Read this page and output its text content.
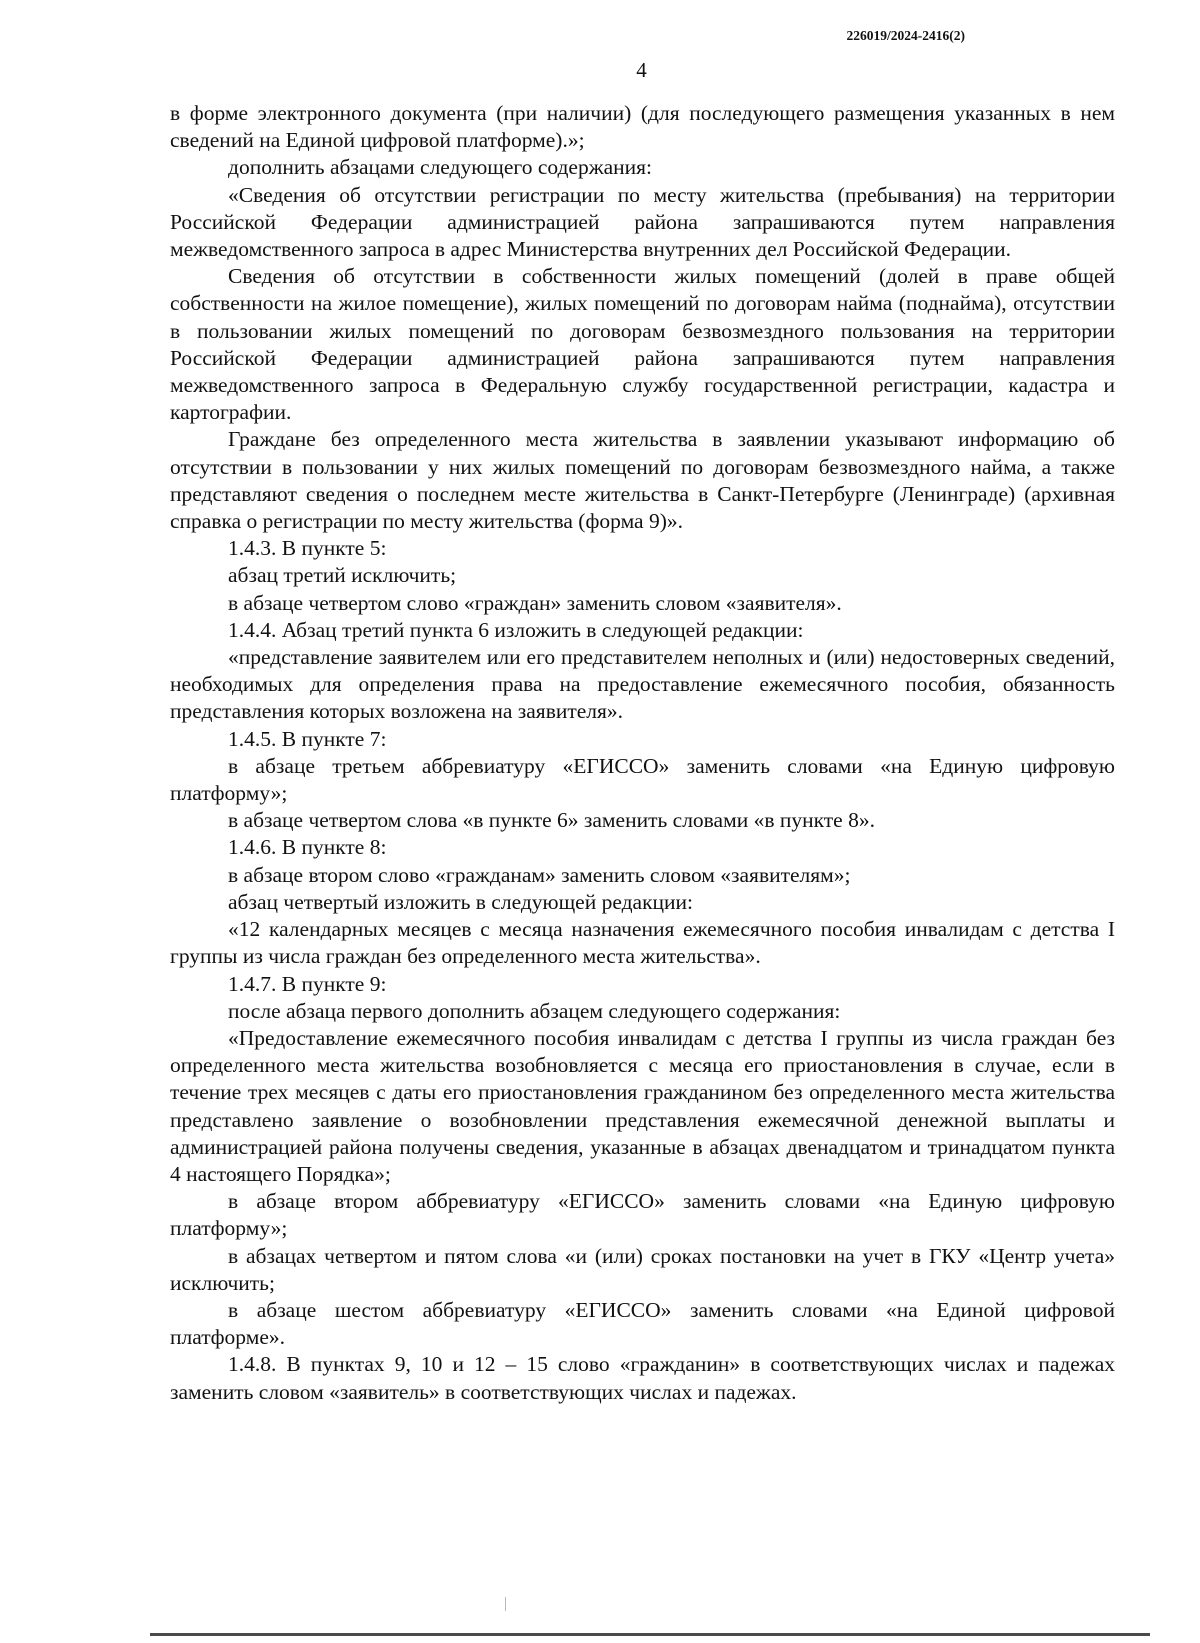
226019/2024-2416(2)
4

в форме электронного документа (при наличии) (для последующего размещения указанных в нем сведений на Единой цифровой платформе).»;

дополнить абзацами следующего содержания:

«Сведения об отсутствии регистрации по месту жительства (пребывания) на территории Российской Федерации администрацией района запрашиваются путем направления межведомственного запроса в адрес Министерства внутренних дел Российской Федерации.

Сведения об отсутствии в собственности жилых помещений (долей в праве общей собственности на жилое помещение), жилых помещений по договорам найма (поднайма), отсутствии в пользовании жилых помещений по договорам безвозмездного пользования на территории Российской Федерации администрацией района запрашиваются путем направления межведомственного запроса в Федеральную службу государственной регистрации, кадастра и картографии.

Граждане без определенного места жительства в заявлении указывают информацию об отсутствии в пользовании у них жилых помещений по договорам безвозмездного найма, а также представляют сведения о последнем месте жительства в Санкт-Петербурге (Ленинграде) (архивная справка о регистрации по месту жительства (форма 9)».

1.4.3. В пункте 5:

абзац третий исключить;

в абзаце четвертом слово «граждан» заменить словом «заявителя».

1.4.4. Абзац третий пункта 6 изложить в следующей редакции:

«представление заявителем или его представителем неполных и (или) недостоверных сведений, необходимых для определения права на предоставление ежемесячного пособия, обязанность представления которых возложена на заявителя».

1.4.5. В пункте 7:

в абзаце третьем аббревиатуру «ЕГИССО» заменить словами «на Единую цифровую платформу»;

в абзаце четвертом слова «в пункте 6» заменить словами «в пункте 8».

1.4.6. В пункте 8:

в абзаце втором слово «гражданам» заменить словом «заявителям»;

абзац четвертый изложить в следующей редакции:

«12 календарных месяцев с месяца назначения ежемесячного пособия инвалидам с детства I группы из числа граждан без определенного места жительства».

1.4.7. В пункте 9:

после абзаца первого дополнить абзацем следующего содержания:

«Предоставление ежемесячного пособия инвалидам с детства I группы из числа граждан без определенного места жительства возобновляется с месяца его приостановления в случае, если в течение трех месяцев с даты его приостановления гражданином без определенного места жительства представлено заявление о возобновлении представления ежемесячной денежной выплаты и администрацией района получены сведения, указанные в абзацах двенадцатом и тринадцатом пункта 4 настоящего Порядка»;

в абзаце втором аббревиатуру «ЕГИССО» заменить словами «на Единую цифровую платформу»;

в абзацах четвертом и пятом слова «и (или) сроках постановки на учет в ГКУ «Центр учета» исключить;

в абзаце шестом аббревиатуру «ЕГИССО» заменить словами «на Единой цифровой платформе».

1.4.8. В пунктах 9, 10 и 12 – 15 слово «гражданин» в соответствующих числах и падежах заменить словом «заявитель» в соответствующих числах и падежах.
